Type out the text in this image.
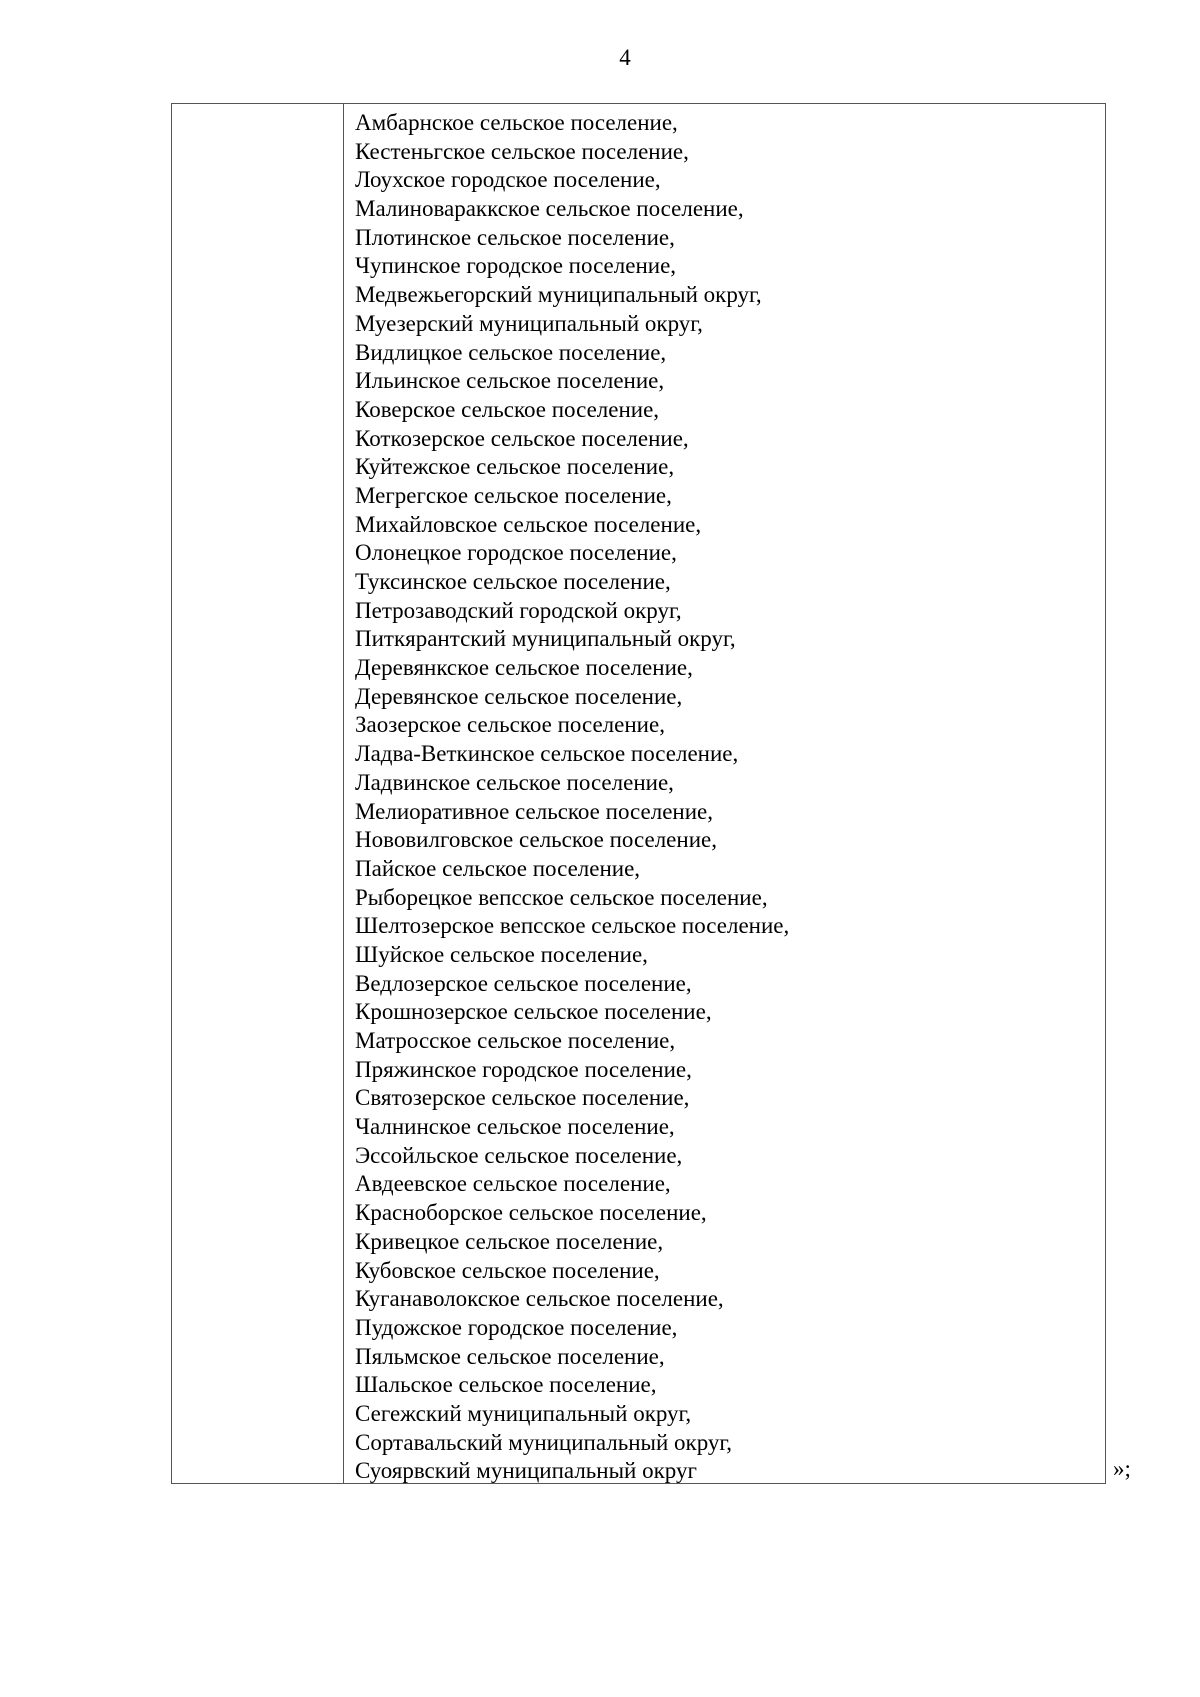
4
Амбарнское сельское поселение,
Кестеньгское сельское поселение,
Лоухское городское поселение,
Малиновараккское сельское поселение,
Плотинское сельское поселение,
Чупинское городское поселение,
Медвежьегорский муниципальный округ,
Муезерский муниципальный округ,
Видлицкое сельское поселение,
Ильинское сельское поселение,
Коверское сельское поселение,
Коткозерское сельское поселение,
Куйтежское сельское поселение,
Мегрегское сельское поселение,
Михайловское сельское поселение,
Олонецкое городское поселение,
Туксинское сельское поселение,
Петрозаводский городской округ,
Питкярантский муниципальный округ,
Деревянкское сельское поселение,
Деревянское сельское поселение,
Заозерское сельское поселение,
Ладва-Веткинское сельское поселение,
Ладвинское сельское поселение,
Мелиоративное сельское поселение,
Нововилговское сельское поселение,
Пайское сельское поселение,
Рыборецкое вепсское сельское поселение,
Шелтозерское вепсское сельское поселение,
Шуйское сельское поселение,
Ведлозерское сельское поселение,
Крошнозерское сельское поселение,
Матросское сельское поселение,
Пряжинское городское поселение,
Святозерское сельское поселение,
Чалнинское сельское поселение,
Эссойльское сельское поселение,
Авдеевское сельское поселение,
Красноборское сельское поселение,
Кривецкое сельское поселение,
Кубовское сельское поселение,
Куганаволокское сельское поселение,
Пудожское городское поселение,
Пяльмское сельское поселение,
Шальское сельское поселение,
Сегежский муниципальный округ,
Сортавальский муниципальный округ,
Суоярвский муниципальный округ	»;
